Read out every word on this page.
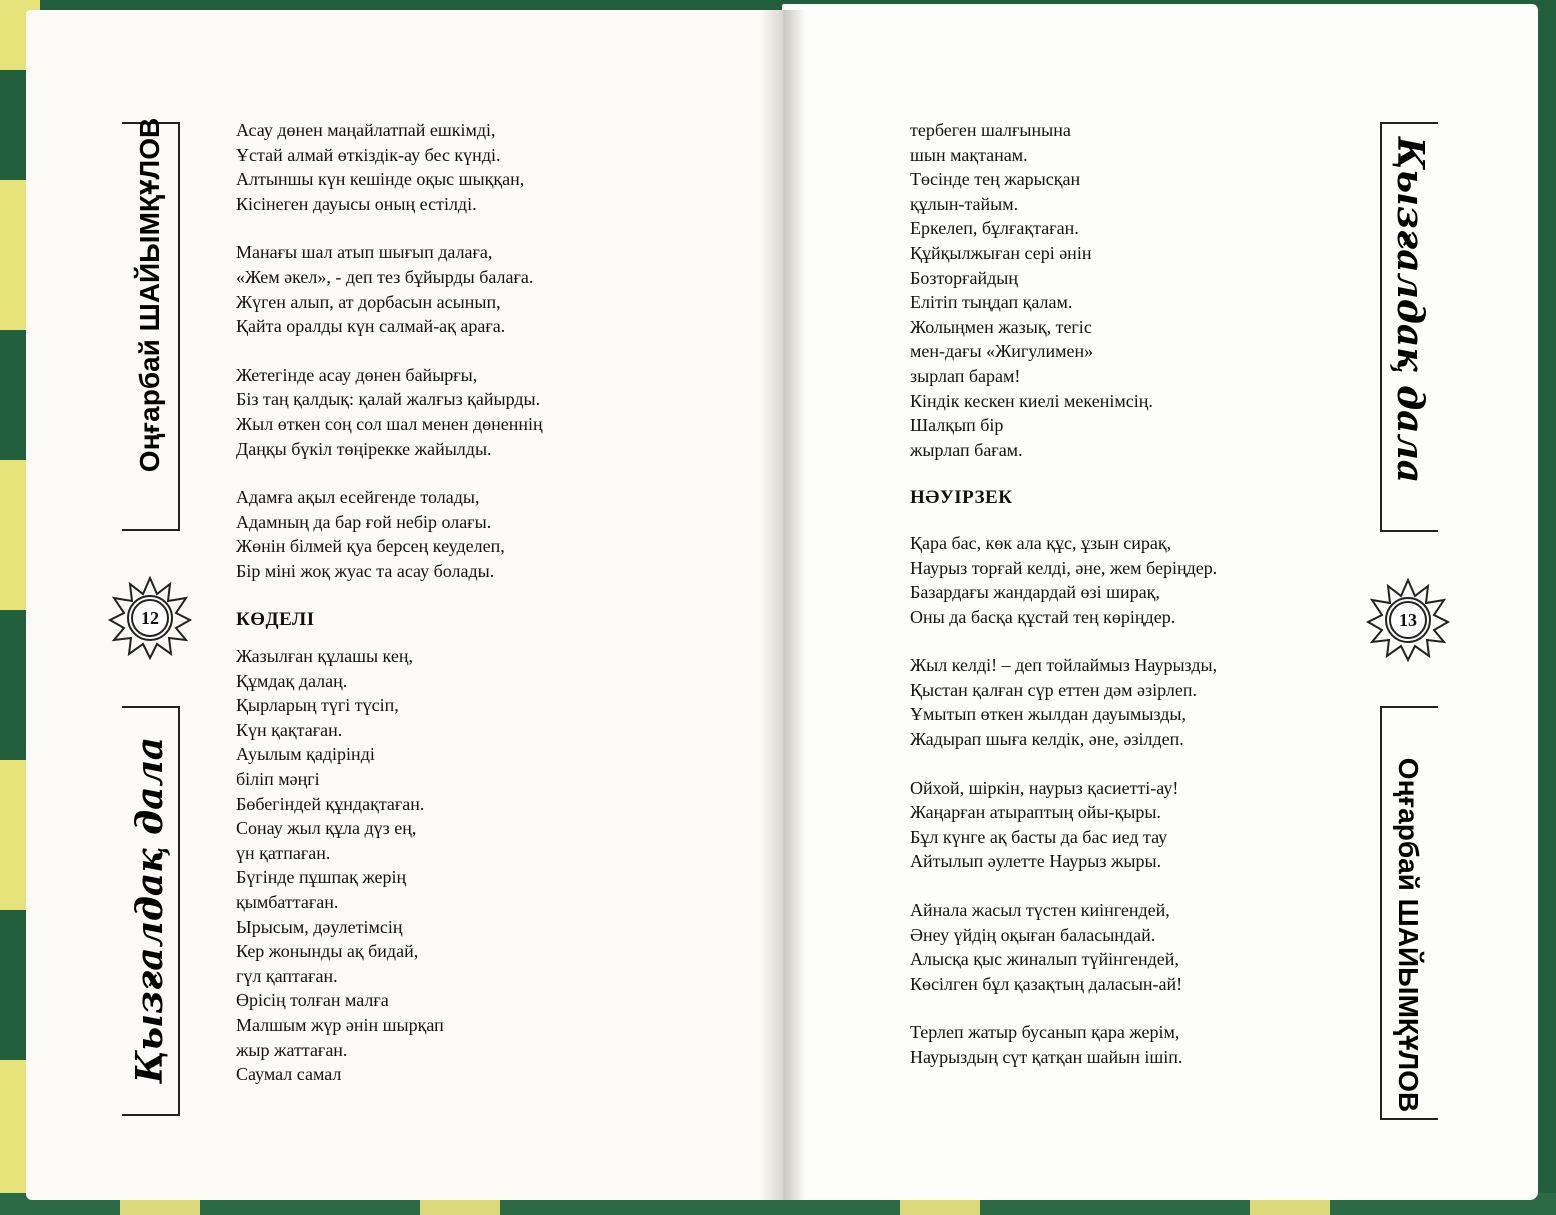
Оңғарбай ШАЙЫМҚҰЛОВ
12
Қызғалдақ дала
Асау дөнен маңайлатпай ешкімді,
Ұстай алмай өткіздік-ау бес күнді.
Алтыншы күн кешінде оқыс шыққан,
Кісінеген дауысы оның естілді.
Манағы шал атып шығып далаға,
«Жем әкел», - деп тез бұйырды балаға.
Жүген алып, ат дорбасын асынып,
Қайта оралды күн салмай-ақ араға.
Жетегінде асау дөнен байырғы,
Біз таң қалдық: қалай жалғыз қайырды.
Жыл өткен соң сол шал менен дөненнің
Даңқы бүкіл төңірекке жайылды.
Адамға ақыл есейгенде толады,
Адамның да бар ғой небір олағы.
Жөнін білмей қуа берсең кеуделеп,
Бір міні жоқ жуас та асау болады.
КӨДЕЛІ
Жазылған құлашы кең,
Құмдақ далаң.
Қырларың түгі түсіп,
Күн қақтаған.
Ауылым қадірінді
біліп мәңгі
Бөбегіндей құндақтаған.
Сонау жыл құла дүз ең,
үн қатпаған.
Бүгінде пұшпақ жерің
қымбаттаған.
Ырысым, дәулетімсің
Кер жонынды ақ бидай,
гүл қаптаған.
Өрісің толған малға
Малшым жүр әнін шырқап
жыр жаттаған.
Саумал самал
тербеген шалғынына
шын мақтанам.
Төсінде тең жарысқан
құлын-тайым.
Еркелеп, бұлғақтаған.
Құйқылжыған сері әнін
Бозторғайдың
Елітіп тыңдап қалам.
Жолыңмен жазық, тегіс
мен-дағы «Жигулимен»
зырлап барам!
Кіндік кескен киелі мекенімсің.
Шалқып бір
жырлап бағам.
НӘУІРЗЕК
Қара бас, көк ала құс, ұзын сирақ,
Наурыз торғай келді, әне, жем беріңдер.
Базардағы жандардай өзі ширақ,
Оны да басқа құстай тең көріңдер.
Жыл келді! – деп тойлаймыз Наурызды,
Қыстан қалған сүр еттен дәм әзірлеп.
Ұмытып өткен жылдан дауымызды,
Жадырап шыға келдік, әне, әзілдеп.
Ойхой, шіркін, наурыз қасиетті-ау!
Жаңарған атыраптың ойы-қыры.
Бұл күнге ақ басты да бас иед тау
Айтылып әулеттe Наурыз жыры.
Айнала жасыл түстен киінгендей,
Әнеу үйдің оқыған баласындай.
Алысқа қыс жиналып түйінгендей,
Көсілген бұл қазақтың даласын-ай!
Терлеп жатыр бусанып қара жерім,
Наурыздың сүт қатқан шайын ішіп.
Қызғалдақ дала
13
Оңғарбай ШАЙЫМҚҰЛОВ
